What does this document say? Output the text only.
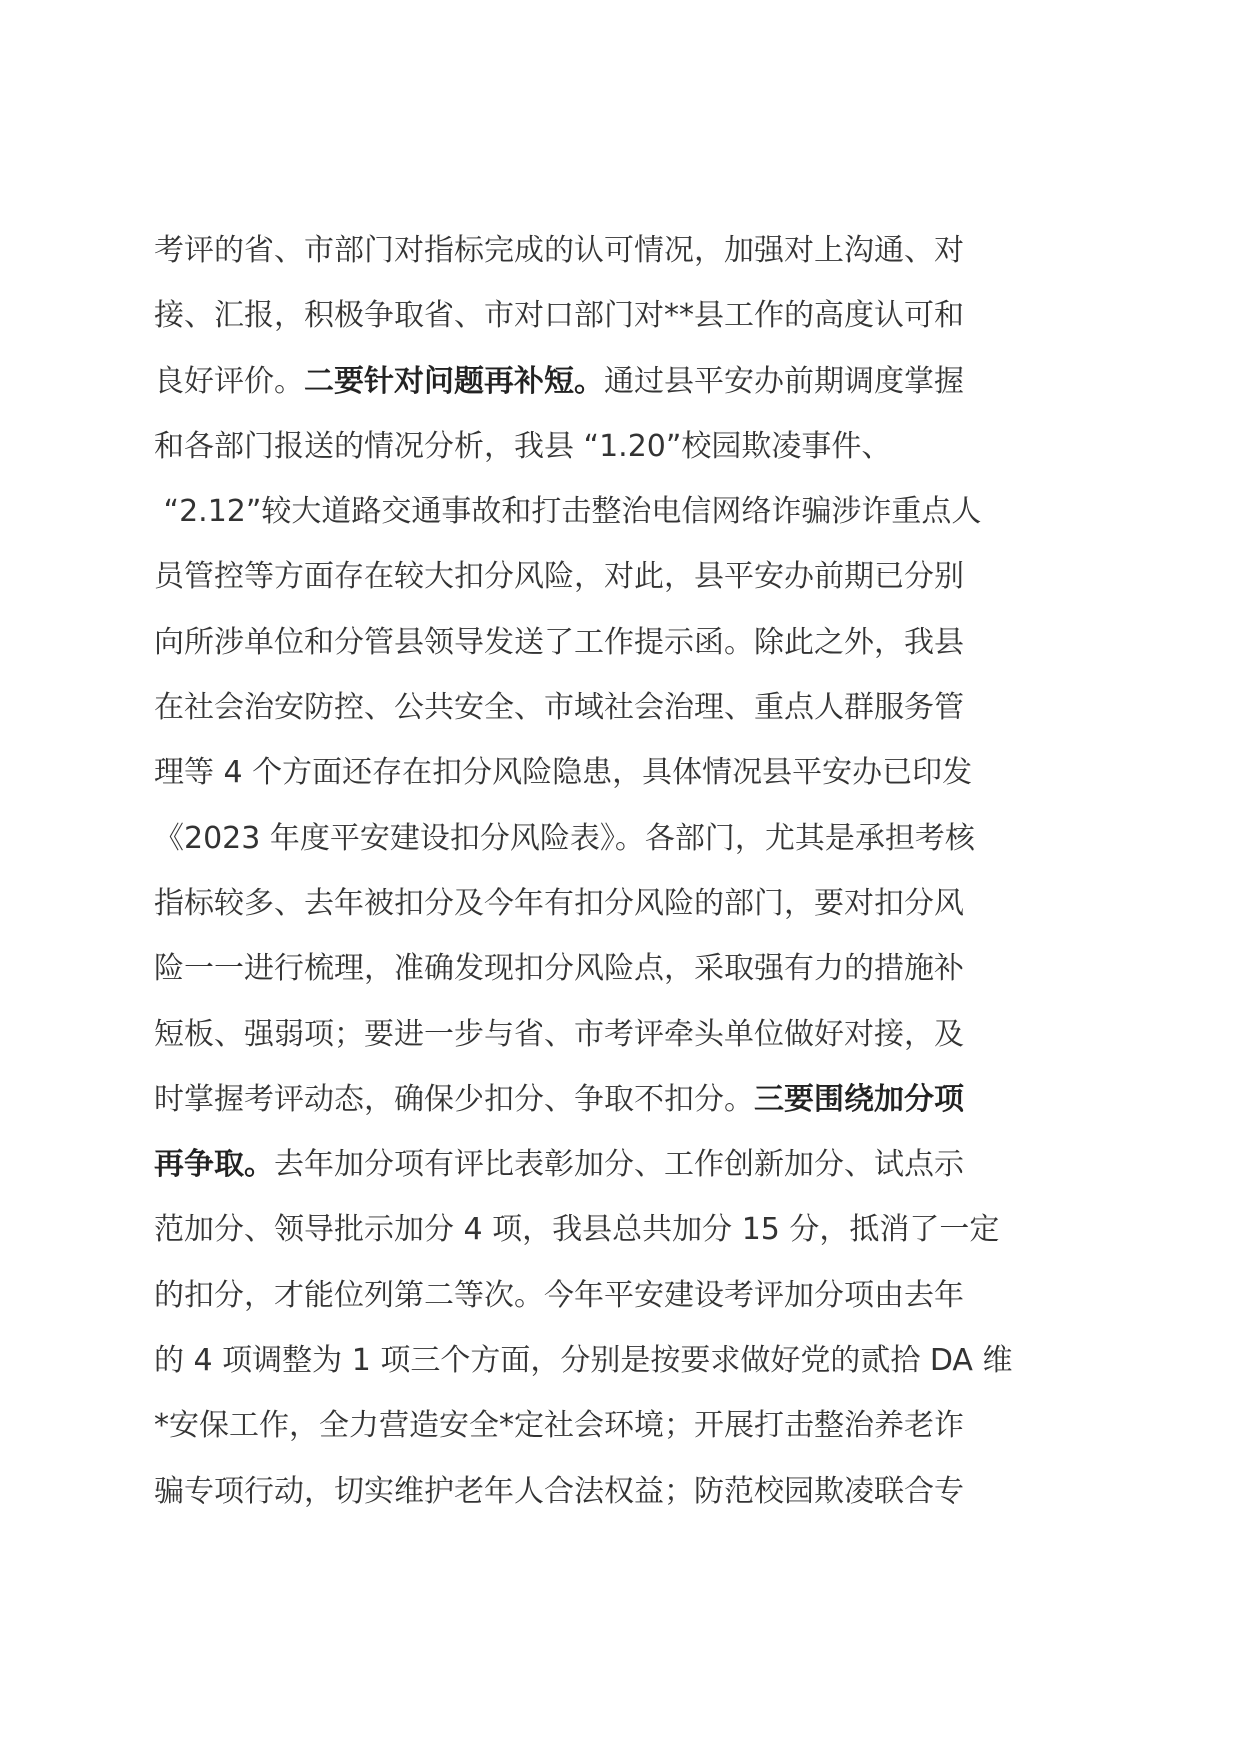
考评的省、市部门对指标完成的认可情况，加强对上沟通、对
接、汇报，积极争取省、市对口部门对**县工作的高度认可和
良好评价。二要针对问题再补短。通过县平安办前期调度掌握
和各部门报送的情况分析，我县 “1.20”校园欺凌事件、
“2.12”较大道路交通事故和打击整治电信网络诈骗涉诈重点人
员管控等方面存在较大扣分风险，对此，县平安办前期已分别
向所涉单位和分管县领导发送了工作提示函。除此之外，我县
在社会治安防控、公共安全、市域社会治理、重点人群服务管
理等 4 个方面还存在扣分风险隐患，具体情况县平安办已印发
《2023 年度平安建设扣分风险表》。各部门，尤其是承担考核
指标较多、去年被扣分及今年有扣分风险的部门，要对扣分风
险一一进行梳理，准确发现扣分风险点，采取强有力的措施补
短板、强弱项；要进一步与省、市考评牵头单位做好对接，及
时掌握考评动态，确保少扣分、争取不扣分。三要围绕加分项
再争取。去年加分项有评比表彰加分、工作创新加分、试点示
范加分、领导批示加分 4 项，我县总共加分 15 分，抵消了一定
的扣分，才能位列第二等次。今年平安建设考评加分项由去年
的 4 项调整为 1 项三个方面，分别是按要求做好党的贰拾 DA 维
*安保工作，全力营造安全*定社会环境；开展打击整治养老诈
骗专项行动，切实维护老年人合法权益；防范校园欺凌联合专
